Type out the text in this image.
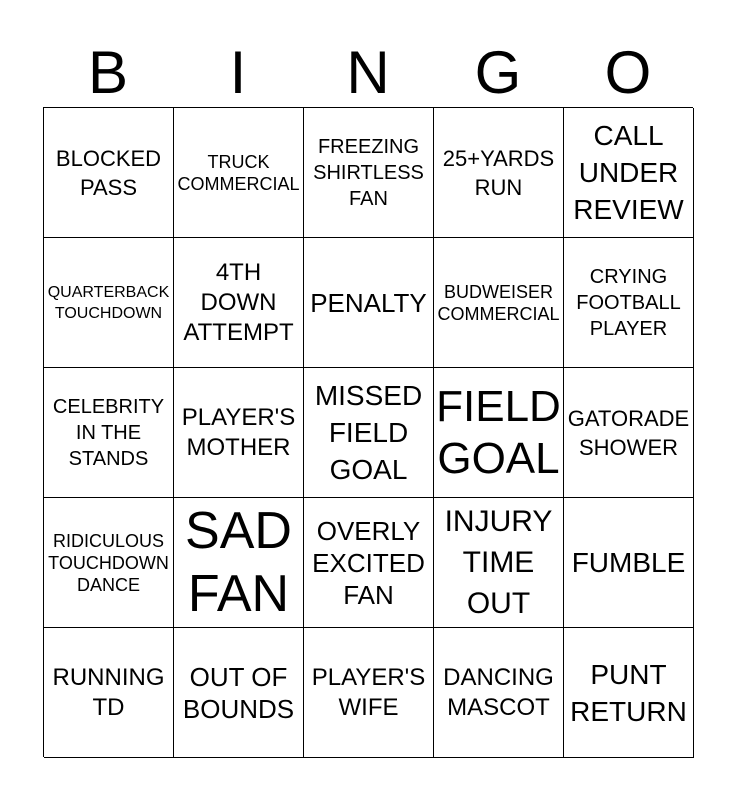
B	I	N	G	O
BLOCKED
PASS
TRUCK
COMMERCIAL
FREEZING
SHIRTLESS
FAN
25+YARDS
RUN
CALL
UNDER
REVIEW
QUARTERBACK
TOUCHDOWN
4TH
DOWN
ATTEMPT
PENALTY BUDWEISER
COMMERCIAL
CRYING
FOOTBALL
PLAYER
CELEBRITY
IN THE
STANDS
PLAYER'S
MOTHER
MISSED
FIELD
GOAL
FIELD
GOAL
GATORADE
SHOWER
RIDICULOUS
TOUCHDOWN
DANCE
SAD
FAN
OVERLY
EXCITED
FAN
INJURY
TIME
OUT
FUMBLE
RUNNING
TD
OUT OF
BOUNDS
PLAYER'S
WIFE
DANCING
MASCOT
PUNT
RETURN
